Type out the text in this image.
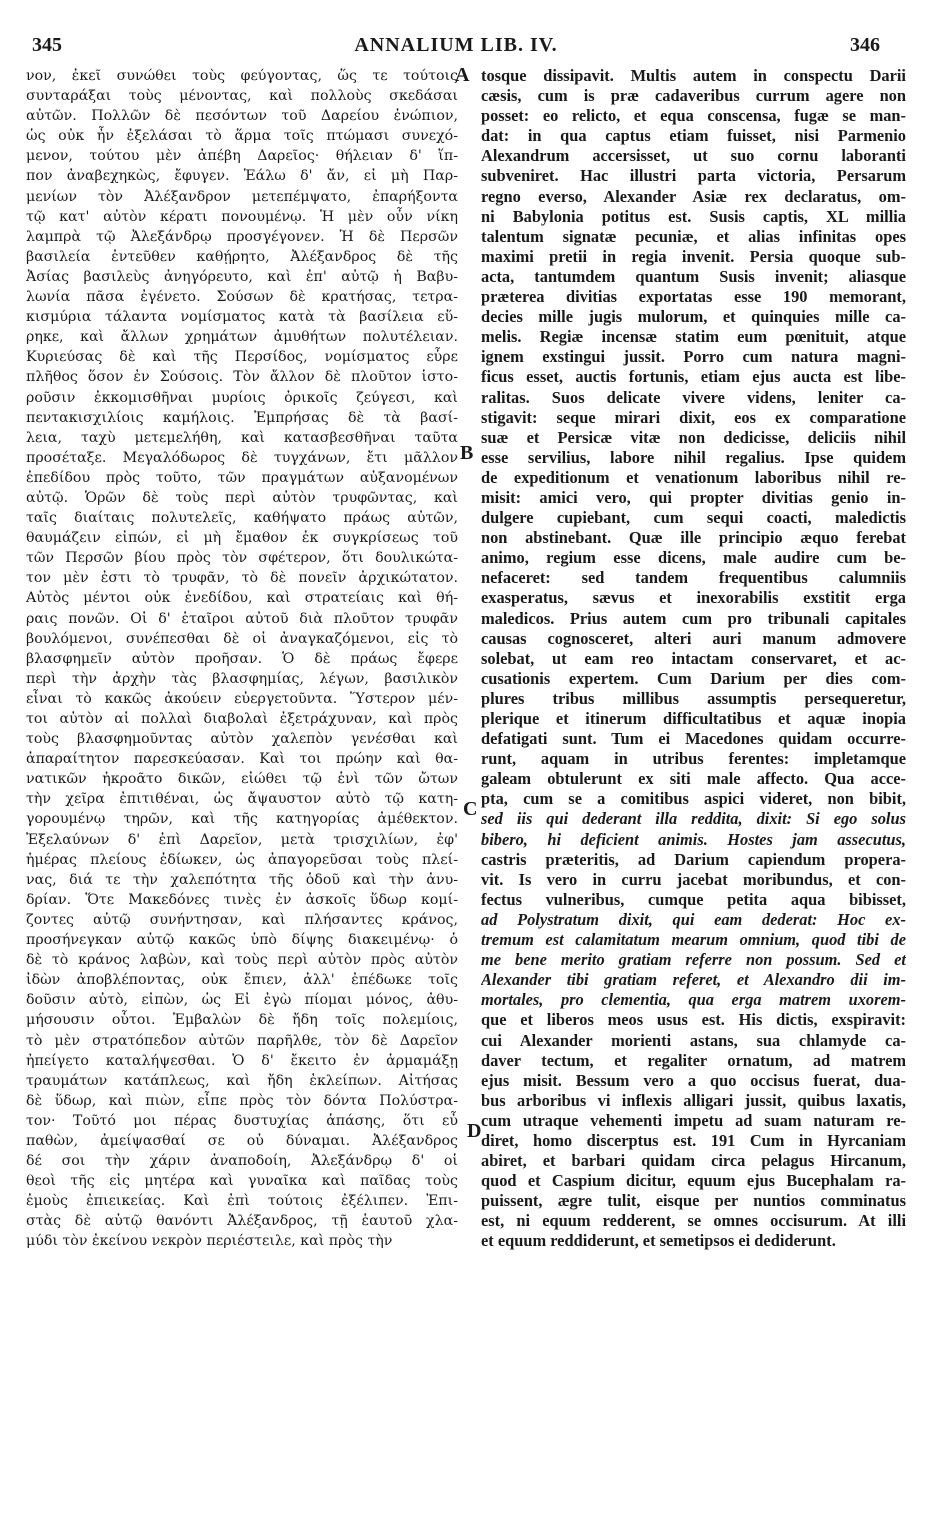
345	ANNALIUM LIB. IV.	346
νον, ἐκεῖ συνώθει τοὺς φεύγοντας, ὥς τε τούτοις
συνταράξαι τοὺς μένοντας, καὶ πολλοὺς σκεδάσαι
αὐτῶν. Πολλῶν δὲ πεσόντων τοῦ Δαρείου ἐνώπιον,
ὡς οὐκ ἦν ἐξελάσαι τὸ ἅρμα τοῖς πτώμασι συνεχό-
μενον, τούτου μὲν ἀπέβη Δαρεῖος· θήλειαν δ' ἵπ-
πον ἀναβεχηκὼς, ἔφυγεν. Ἑάλω δ' ἄν, εἰ μὴ Παρ-
μενίων τὸν Ἀλέξανδρον μετεπέμψατο, ἐπαρήξοντα
τῷ κατ' αὐτὸν κέρατι πονουμένῳ. Ἡ μὲν οὖν νίκη
λαμπρὰ τῷ Ἀλεξάνδρῳ προσγέγονεν. Ἡ δὲ Περσῶν
βασιλεία ἐντεῦθεν καθῄρητο, Ἀλέξανδρος δὲ τῆς
Ἀσίας βασιλεὺς ἀνηγόρευτο, καὶ ἐπ' αὐτῷ ἡ Βαβυ-
λωνία πᾶσα ἐγένετο. Σούσων δὲ κρατήσας, τετρα-
κισμύρια τάλαντα νομίσματος κατὰ τὰ βασίλεια εὕ-
ρηκε, καὶ ἄλλων χρημάτων ἀμυθήτων πολυτέλειαν.
Κυριεύσας δὲ καὶ τῆς Περσίδος, νομίσματος εὗρε
πλῆθος ὅσον ἐν Σούσοις. Τὸν ἄλλον δὲ πλοῦτον ἱστο-
ροῦσιν ἐκκομισθῆναι μυρίοις ὀρικοῖς ζεύγεσι, καὶ
πεντακισχιλίοις καμήλοις. Ἐμπρήσας δὲ τὰ βασί-
λεια, ταχὺ μετεμελήθη, καὶ κατασβεσθῆναι ταῦτα
προσέταξε. Μεγαλόδωρος δὲ τυγχάνων, ἔτι μᾶλλον
ἐπεδίδου πρὸς τοῦτο, τῶν πραγμάτων αὐξανομένων
αὐτῷ. Ὁρῶν δὲ τοὺς περὶ αὐτὸν τρυφῶντας, καὶ
ταῖς διαίταις πολυτελεῖς, καθήψατο πράως αὐτῶν,
θαυμάζειν εἰπών, εἰ μὴ ἔμαθον ἐκ συγκρίσεως τοῦ
τῶν Περσῶν βίου πρὸς τὸν σφέτερον, ὅτι δουλικώτα-
τον μὲν ἐστι τὸ τρυφᾶν, τὸ δὲ πονεῖν ἀρχικώτατον.
Αὐτὸς μέντοι οὐκ ἐνεδίδου, καὶ στρατείαις καὶ θή-
ραις πονῶν. Οἱ δ' ἑταῖροι αὐτοῦ διὰ πλοῦτον τρυφᾶν
βουλόμενοι, συνέπεσθαι δὲ οἱ ἀναγκαζόμενοι, εἰς τὸ
βλασφημεῖν αὐτὸν προῆσαν. Ὁ δὲ πράως ἔφερε
περὶ τὴν ἀρχὴν τὰς βλασφημίας, λέγων, βασιλικὸν
εἶναι τὸ κακῶς ἀκούειν εὐεργετοῦντα. Ὕστερον μέν-
τοι αὐτὸν αἱ πολλαὶ διαβολαὶ ἐξετράχυναν, καὶ πρὸς
τοὺς βλασφημοῦντας αὐτὸν χαλεπὸν γενέσθαι καὶ
ἀπαραίτητον παρεσκεύασαν. Καὶ τοι πρώην καὶ θα-
νατικῶν ἠκροᾶτο δικῶν, εἰώθει τῷ ἑνὶ τῶν ὤτων
τὴν χεῖρα ἐπιτιθέναι, ὡς ἄψαυστον αὐτὸ τῷ κατη-
γορουμένῳ τηρῶν, καὶ τῆς κατηγορίας ἀμέθεκτον.
Ἐξελαύνων δ' ἐπὶ Δαρεῖον, μετὰ τρισχιλίων, ἐφ'
ἡμέρας πλείους ἐδίωκεν, ὡς ἀπαγορεῦσαι τοὺς πλεί-
νας, διά τε τὴν χαλεπότητα τῆς ὁδοῦ καὶ τὴν ἀνυ-
δρίαν. Ὅτε Μακεδόνες τινὲς ἐν ἀσκοῖς ὕδωρ κομί-
ζοντες αὐτῷ συνήντησαν, καὶ πλήσαντες κράνος,
προσήνεγκαν αὐτῷ κακῶς ὑπὸ δίψης διακειμένῳ· ὁ
δὲ τὸ κράνος λαβὼν, καὶ τοὺς περὶ αὐτὸν πρὸς αὐτὸν
ἰδὼν ἀποβλέποντας, οὐκ ἔπιεν, ἀλλ' ἐπέδωκε τοῖς
δοῦσιν αὐτὸ, εἰπὼν, ὡς Εἰ ἐγὼ πίομαι μόνος, ἀθυ-
μήσουσιν οὗτοι. Ἐμβαλὼν δὲ ἤδη τοῖς πολεμίοις,
τὸ μὲν στρατόπεδον αὐτῶν παρῆλθε, τὸν δὲ Δαρεῖον
ἠπείγετο καταλήψεσθαι. Ὁ δ' ἔκειτο ἐν ἁρμαμάξῃ
τραυμάτων κατάπλεως, καὶ ἤδη ἐκλείπων. Αἰτήσας
δὲ ὕδωρ, καὶ πιὼν, εἶπε πρὸς τὸν δόντα Πολύστρα-
τον· Τοῦτό μοι πέρας δυστυχίας ἁπάσης, ὅτι εὖ
παθὼν, ἀμείψασθαί σε οὐ δύναμαι. Ἀλέξανδρος
δέ σοι τὴν χάριν ἀναποδοίη, Ἀλεξάνδρῳ δ' οἱ
θεοὶ τῆς εἰς μητέρα καὶ γυναῖκα καὶ παῖδας τοὺς
ἐμοὺς ἐπιεικείας. Καὶ ἐπὶ τούτοις ἐξέλιπεν. Ἐπι-
στὰς δὲ αὐτῷ θανόντι Ἀλέξανδρος, τῇ ἑαυτοῦ χλα-
μύδι τὸν ἐκείνου νεκρὸν περιέστειλε, καὶ πρὸς τὴν
tosque dissipavit. Multis autem in conspectu Darii
cæsis, cum is præ cadaveribus currum agere non
posset: eo relicto, et equa conscensa, fugæ se man-
dat: in qua captus etiam fuisset, nisi Parmenio
Alexandrum accersisset, ut suo cornu laboranti
subveniret. Hac illustri parta victoria, Persarum
regno everso, Alexander Asiæ rex declaratus, om-
ni Babylonia potitus est. Susis captis, XL millia
talentum signatæ pecuniæ, et alias infinitas opes
maximi pretii in regia invenit. Persia quoque sub-
acta, tantumdem quantum Susis invenit; aliasque
præterea divitias exportatas esse 190 memorant,
decies mille jugis mulorum, et quinquies mille ca-
melis. Regiæ incensæ statim eum pœnituit, atque
ignem exstingui jussit. Porro cum natura magni-
ficus esset, auctis fortunis, etiam ejus aucta est libe-
ralitas. Suos delicate vivere videns, leniter ca-
stigavit: seque mirari dixit, eos ex comparatione
suæ et Persicæ vitæ non dedicisse, deliciis nihil
esse servilius, labore nihil regalius. Ipse quidem
de expeditionum et venationum laboribus nihil re-
misit: amici vero, qui propter divitias genio in-
dulgere cupiebant, cum sequi coacti, maledictis
non abstinebant. Quæ ille principio æquo ferebat
animo, regium esse dicens, male audire cum be-
nefaceret: sed tandem frequentibus calumniis
exasperatus, sævus et inexorabilis exstitit erga
maledicos. Prius autem cum pro tribunali capitales
causas cognosceret, alteri auri manum admovere
solebat, ut eam reo intactam conservaret, et ac-
cusationis expertem. Cum Darium per dies com-
plures tribus millibus assumptis persequeretur,
plerique et itinerum difficultatibus et aquæ inopia
defatigati sunt. Tum ei Macedones quidam occurre-
runt, aquam in utribus ferentes: impletamque
galeam obtulerunt ex siti male affecto. Qua acce-
pta, cum se a comitibus aspici videret, non bibit,
sed iis qui dederant illa reddita, dixit: Si ego solus
bibero, hi deficient animis. Hostes jam assecutus,
castris præteritis, ad Darium capiendum propera-
vit. Is vero in curru jacebat moribundus, et con-
fectus vulneribus, cumque petita aqua bibisset,
ad Polystratum dixit, qui eam dederat: Hoc ex-
tremum est calamitatum mearum omnium, quod tibi de
me bene merito gratiam referre non possum. Sed et
Alexander tibi gratiam referet, et Alexandro dii im-
mortales, pro clementia, qua erga matrem uxorem-
que et liberos meos usus est. His dictis, exspiravit:
cui Alexander morienti astans, sua chlamyde ca-
daver tectum, et regaliter ornatum, ad matrem
ejus misit. Bessum vero a quo occisus fuerat, dua-
bus arboribus vi inflexis alligari jussit, quibus laxatis,
cum utraque vehementi impetu ad suam naturam re-
diret, homo discerptus est. 191 Cum in Hyrcaniam
abiret, et barbari quidam circa pelagus Hircanum,
quod et Caspium dicitur, equum ejus Bucephalam ra-
puissent, ægre tulit, eisque per nuntios comminatus
est, ni equum redderent, se omnes occisurum. At illi
et equum reddiderunt, et semetipsos ei dediderunt.
A
B
C
D
